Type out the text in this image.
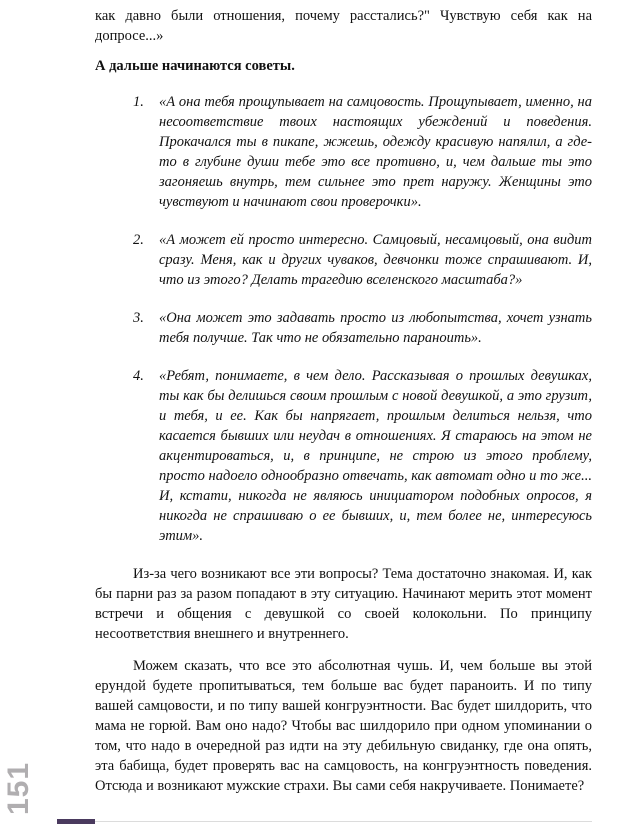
как давно были отношения, почему расстались?" Чувствую себя как на допросе...»

А дальше начинаются советы.

1. «А она тебя прощупывает на самцовость. Прощупывает, именно, на несоответствие твоих настоящих убеждений и поведения. Прокачался ты в пикапе, жжешь, одежду красивую напялил, а где-то в глубине души тебе это все противно, и, чем дальше ты это загоняешь внутрь, тем сильнее это прет наружу. Женщины это чувствуют и начинают свои проверочки».
2. «А может ей просто интересно. Самцовый, несамцовый, она видит сразу. Меня, как и других чуваков, девчонки тоже спрашивают. И, что из этого? Делать трагедию вселенского масштаба?»
3. «Она может это задавать просто из любопытства, хочет узнать тебя получше. Так что не обязательно параноить».
4. «Ребят, понимаете, в чем дело. Рассказывая о прошлых девушках, ты как бы делишься своим прошлым с новой девушкой, а это грузит, и тебя, и ее. Как бы напрягает, прошлым делиться нельзя, что касается бывших или неудач в отношениях. Я стараюсь на этом не акцентироваться, и, в принципе, не строю из этого проблему, просто надоело однообразно отвечать, как автомат одно и то же... И, кстати, никогда не являюсь инициатором подобных опросов, я никогда не спрашиваю о ее бывших, и, тем более не, интересуюсь этим».

Из-за чего возникают все эти вопросы? Тема достаточно знакомая. И, как бы парни раз за разом попадают в эту ситуацию. Начинают мерить этот момент встречи и общения с девушкой со своей колокольни. По принципу несоответствия внешнего и внутреннего.

Можем сказать, что все это абсолютная чушь. И, чем больше вы этой ерундой будете пропитываться, тем больше вас будет параноить. И по типу вашей самцовости, и по типу вашей конгруэнтности. Вас будет шилдорить, что мама не горюй. Вам оно надо? Чтобы вас шилдорило при одном упоминании о том, что надо в очередной раз идти на эту дебильную свиданку, где она опять, эта бабища, будет проверять вас на самцовость, на конгруэнтность поведения. Отсюда и возникают мужские страхи. Вы сами себя накручиваете. Понимаете?

151
